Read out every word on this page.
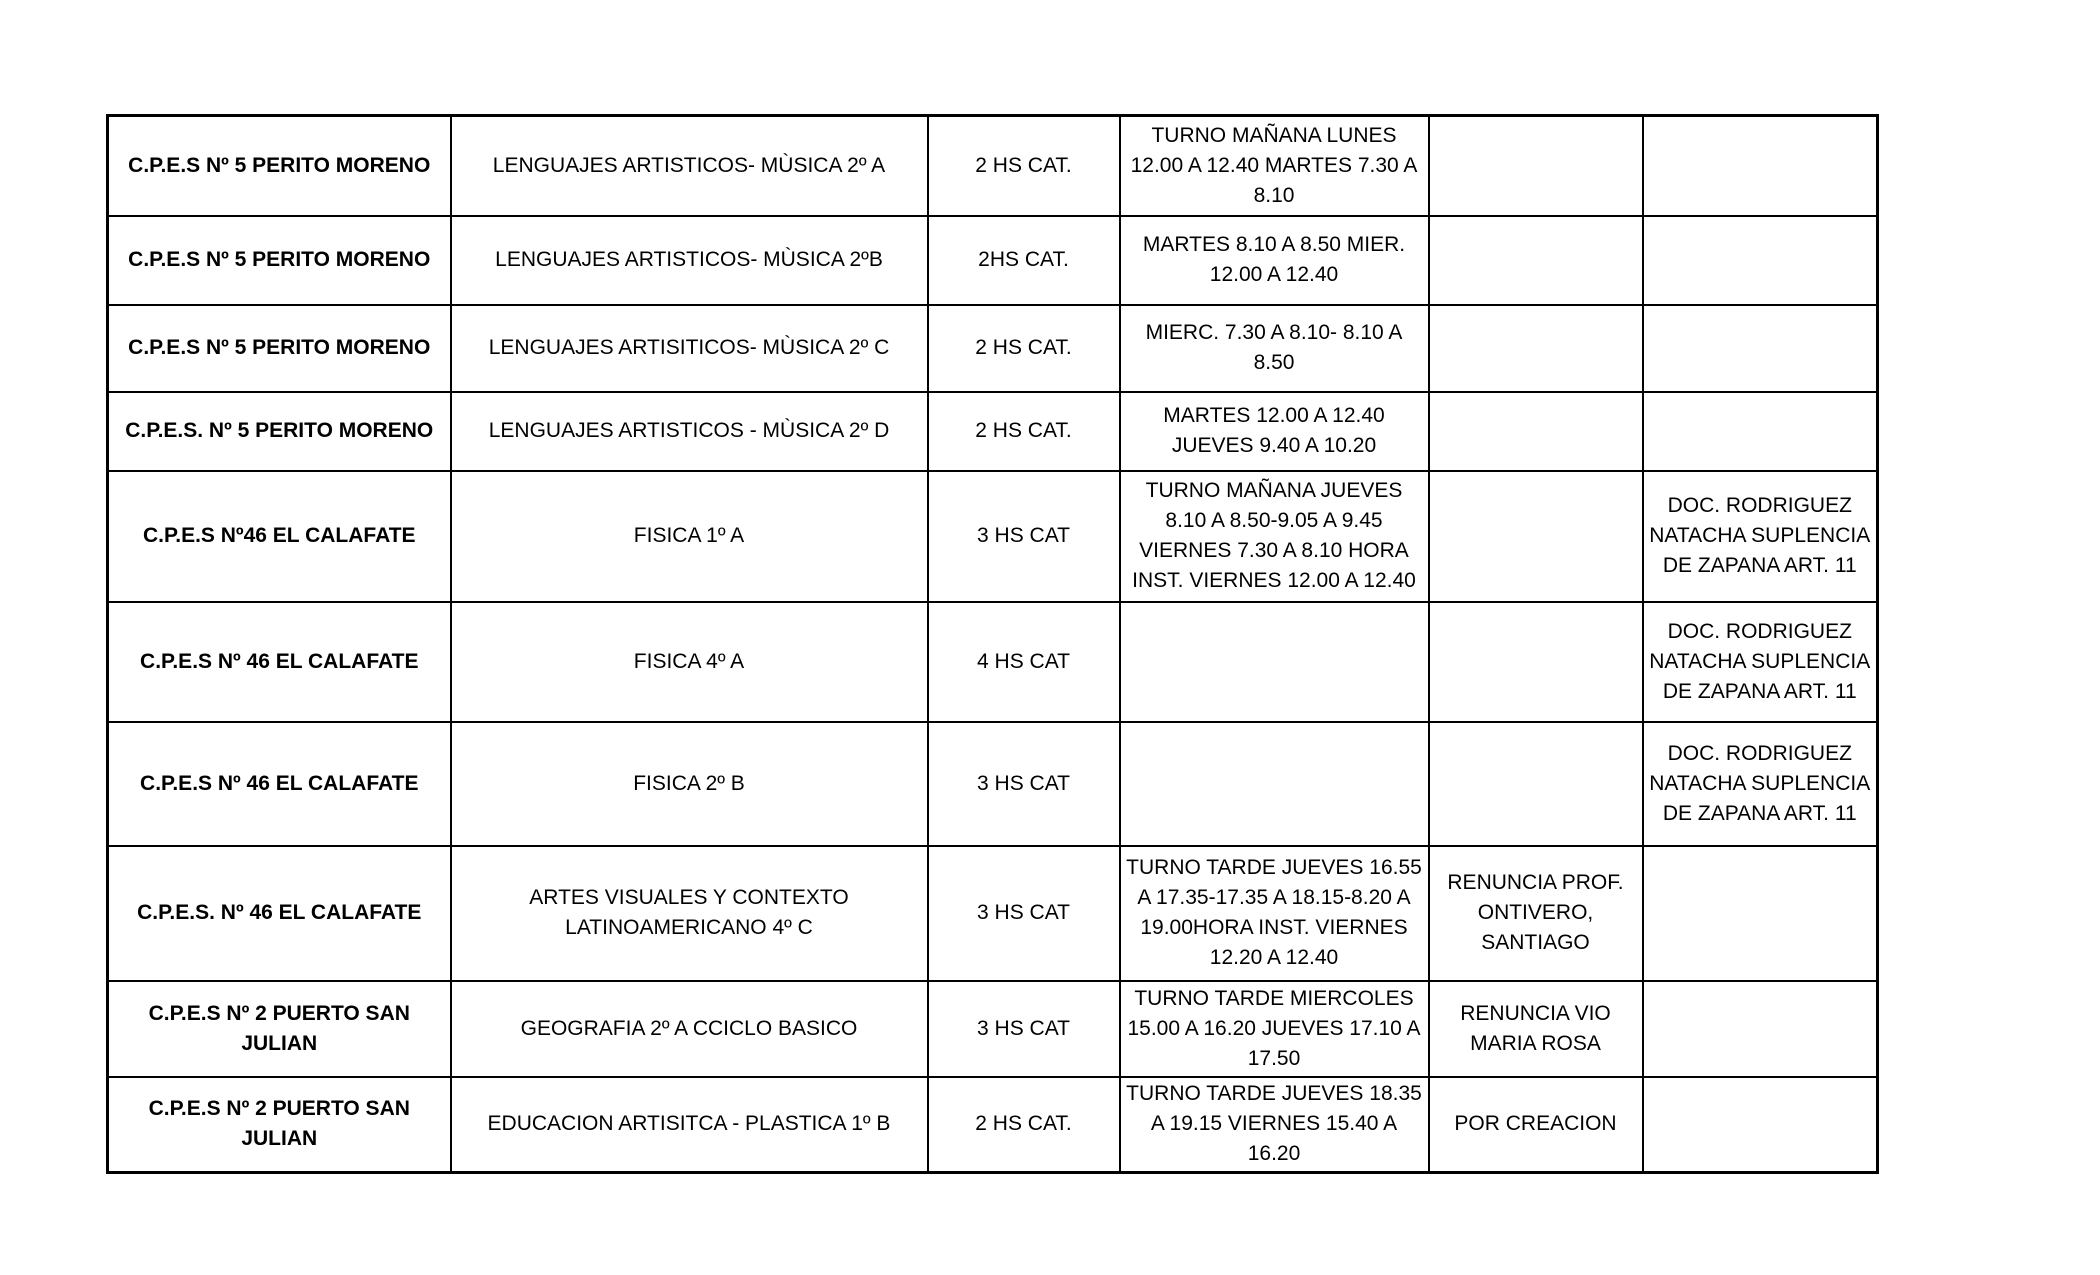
C.P.E.S Nº 5 PERITO MORENO	LENGUAJES ARTISTICOS- MÙSICA 2º A	2 HS CAT.	TURNO MAÑANA LUNES 12.00 A 12.40 MARTES 7.30 A 8.10		
C.P.E.S Nº 5 PERITO MORENO	LENGUAJES ARTISTICOS- MÙSICA 2ºB	2HS CAT.	MARTES 8.10 A 8.50 MIER. 12.00 A 12.40		
C.P.E.S Nº 5 PERITO MORENO	LENGUAJES ARTISITICOS- MÙSICA 2º C	2 HS CAT.	MIERC. 7.30 A 8.10- 8.10 A 8.50		
C.P.E.S. Nº 5 PERITO MORENO	LENGUAJES ARTISTICOS - MÙSICA 2º D	2 HS CAT.	MARTES 12.00 A 12.40 JUEVES 9.40 A 10.20		
C.P.E.S Nº46 EL CALAFATE	FISICA 1º A	3 HS CAT	TURNO MAÑANA JUEVES 8.10 A 8.50-9.05 A 9.45 VIERNES 7.30 A 8.10 HORA INST. VIERNES 12.00 A 12.40		DOC. RODRIGUEZ NATACHA SUPLENCIA DE ZAPANA ART. 11
C.P.E.S Nº 46 EL CALAFATE	FISICA 4º A	4 HS CAT			DOC. RODRIGUEZ NATACHA SUPLENCIA DE ZAPANA ART. 11
C.P.E.S Nº 46 EL CALAFATE	FISICA 2º B	3 HS CAT			DOC. RODRIGUEZ NATACHA SUPLENCIA DE ZAPANA ART. 11
C.P.E.S. Nº 46 EL CALAFATE	ARTES VISUALES Y CONTEXTO LATINOAMERICANO 4º C	3 HS CAT	TURNO TARDE JUEVES 16.55 A 17.35-17.35 A 18.15-8.20 A 19.00HORA INST. VIERNES 12.20 A 12.40	RENUNCIA PROF. ONTIVERO, SANTIAGO	
C.P.E.S Nº 2 PUERTO SAN JULIAN	GEOGRAFIA 2º A CCICLO BASICO	3 HS CAT	TURNO TARDE MIERCOLES 15.00 A 16.20 JUEVES 17.10 A 17.50	RENUNCIA VIO MARIA ROSA	
C.P.E.S Nº 2 PUERTO SAN JULIAN	EDUCACION ARTISITCA - PLASTICA 1º B	2 HS CAT.	TURNO TARDE JUEVES 18.35 A 19.15 VIERNES 15.40 A 16.20	POR CREACION	
